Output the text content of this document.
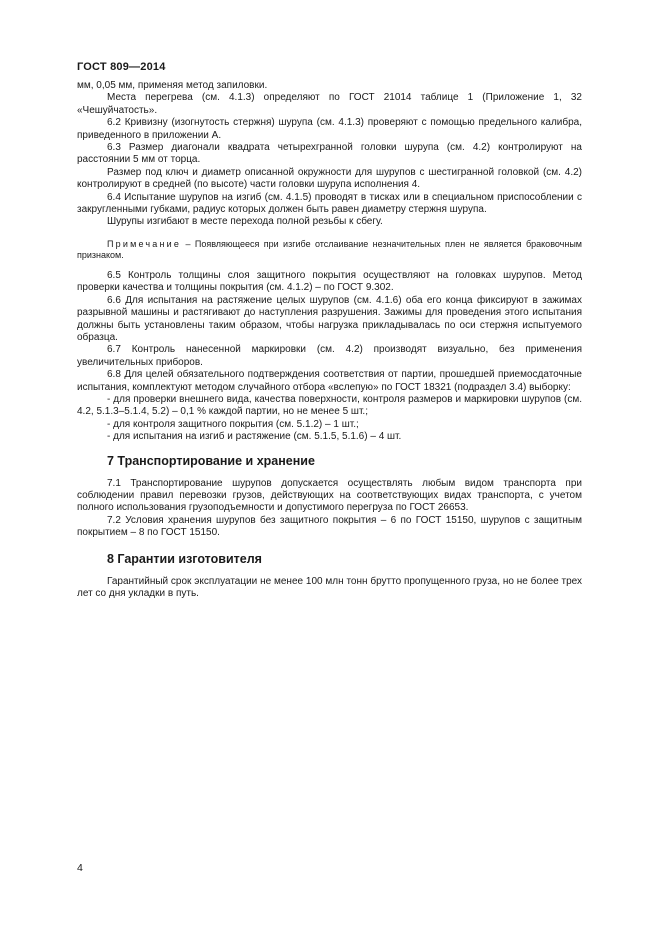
ГОСТ 809—2014

мм, 0,05 мм, применяя метод запиловки.

Места перегрева (см. 4.1.3) определяют по ГОСТ 21014 таблице 1 (Приложение 1, 32 «Чешуйчатость».

6.2 Кривизну (изогнутость стержня) шурупа (см. 4.1.3) проверяют с помощью предельного калибра, приведенного в приложении А.

6.3 Размер диагонали квадрата четырехгранной головки шурупа (см. 4.2) контролируют на расстоянии 5 мм от торца.

Размер под ключ и диаметр описанной окружности для шурупов с шестигранной головкой (см. 4.2) контролируют в средней (по высоте) части головки шурупа исполнения 4.

6.4 Испытание шурупов на изгиб (см. 4.1.5) проводят в тисках или в специальном приспособлении с закругленными губками, радиус которых должен быть равен диаметру стержня шурупа.

Шурупы изгибают в месте перехода полной резьбы к сбегу.

Примечание – Появляющееся при изгибе отслаивание незначительных плен не является браковочным признаком.

6.5 Контроль толщины слоя защитного покрытия осуществляют на головках шурупов. Метод проверки качества и толщины покрытия (см. 4.1.2) – по ГОСТ 9.302.

6.6 Для испытания на растяжение целых шурупов (см. 4.1.6) оба его конца фиксируют в зажимах разрывной машины и растягивают до наступления разрушения. Зажимы для проведения этого испытания должны быть установлены таким образом, чтобы нагрузка прикладывалась по оси стержня испытуемого образца.

6.7 Контроль нанесенной маркировки (см. 4.2) производят визуально, без применения увеличительных приборов.

6.8 Для целей обязательного подтверждения соответствия от партии, прошедшей приемосдаточные испытания, комплектуют методом случайного отбора «вслепую» по ГОСТ 18321 (подраздел 3.4) выборку:

- для проверки внешнего вида, качества поверхности, контроля размеров и маркировки шурупов (см. 4.2, 5.1.3–5.1.4, 5.2) – 0,1 % каждой партии, но не менее 5 шт.;

- для контроля защитного покрытия (см. 5.1.2) – 1 шт.;

- для испытания на изгиб и растяжение (см. 5.1.5, 5.1.6) – 4 шт.

7 Транспортирование и хранение

7.1 Транспортирование шурупов допускается осуществлять любым видом транспорта при соблюдении правил перевозки грузов, действующих на соответствующих видах транспорта, с учетом полного использования грузоподъемности и допустимого перегруза по ГОСТ 26653.

7.2 Условия хранения шурупов без защитного покрытия – 6 по ГОСТ 15150, шурупов с защитным покрытием – 8 по ГОСТ 15150.

8 Гарантии изготовителя

Гарантийный срок эксплуатации не менее 100 млн тонн брутто пропущенного груза, но не более трех лет со дня укладки в путь.

4
